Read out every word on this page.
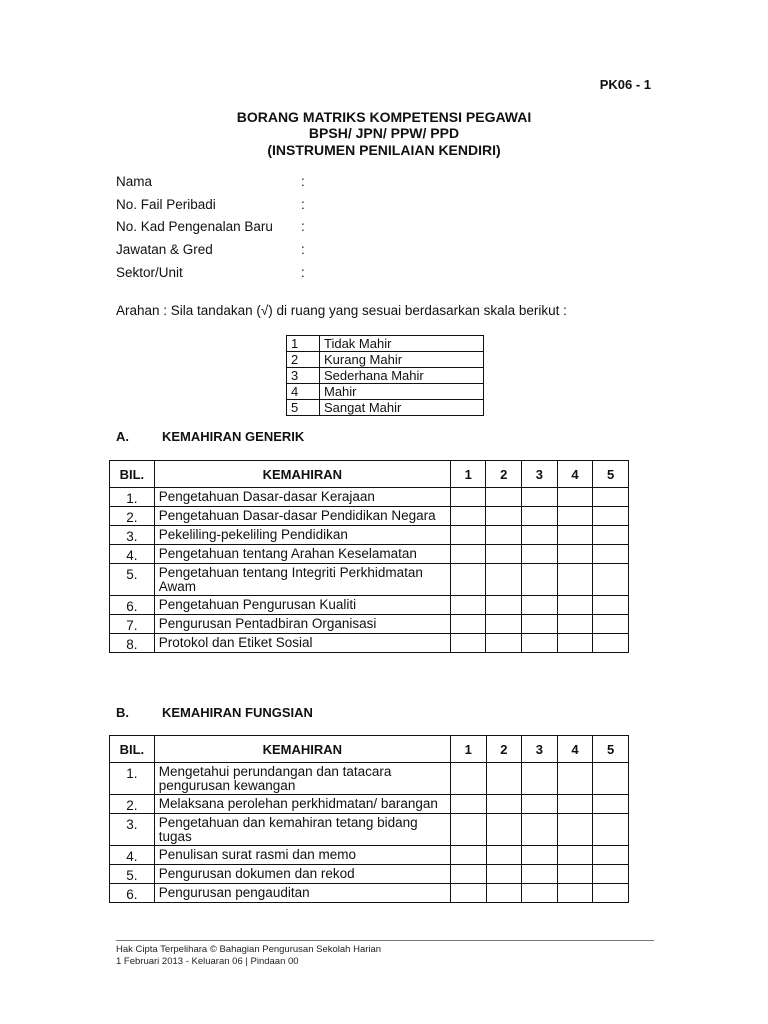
PK06 - 1
BORANG MATRIKS KOMPETENSI PEGAWAI
BPSH/ JPN/ PPW/ PPD
(INSTRUMEN PENILAIAN KENDIRI)
Nama	:
No. Fail Peribadi	:
No. Kad Pengenalan Baru :
Jawatan & Gred	:
Sektor/Unit	:
Arahan : Sila tandakan (√) di ruang yang sesuai berdasarkan skala berikut :
1	Tidak Mahir
2	Kurang Mahir
3	Sederhana Mahir
4	Mahir
5	Sangat Mahir
A.	KEMAHIRAN GENERIK
BIL.	KEMAHIRAN	1	2	3	4	5
1.	Pengetahuan Dasar-dasar Kerajaan					
2.	Pengetahuan Dasar-dasar Pendidikan Negara					
3.	Pekeliling-pekeliling Pendidikan					
4.	Pengetahuan tentang Arahan Keselamatan					
5.	Pengetahuan tentang Integriti Perkhidmatan Awam					
6.	Pengetahuan Pengurusan Kualiti					
7.	Pengurusan Pentadbiran Organisasi					
8.	Protokol dan Etiket Sosial					
B.	KEMAHIRAN FUNGSIAN
BIL.	KEMAHIRAN	1	2	3	4	5
1.	Mengetahui perundangan dan tatacara pengurusan kewangan					
2.	Melaksana perolehan perkhidmatan/ barangan					
3.	Pengetahuan dan kemahiran tetang bidang tugas					
4.	Penulisan surat rasmi dan memo					
5.	Pengurusan dokumen dan rekod					
6.	Pengurusan pengauditan					
Hak Cipta Terpelihara © Bahagian Pengurusan Sekolah Harian
1 Februari 2013 - Keluaran 06 | Pindaan 00
